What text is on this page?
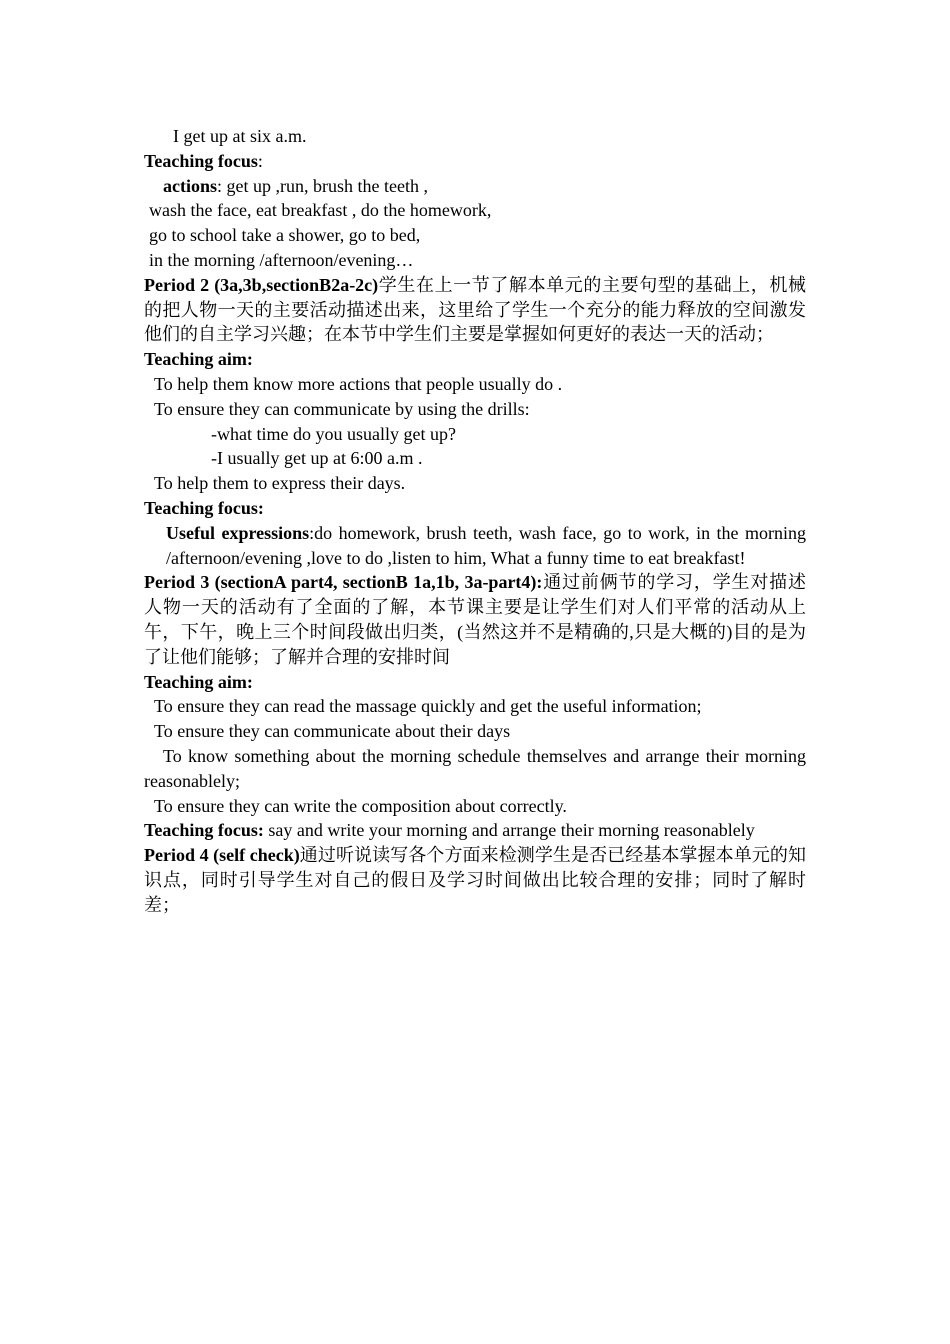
I get up at six a.m.
Teaching focus:
actions: get up ,run, brush the teeth ,
wash the face, eat breakfast , do the homework,
go to school take a shower, go to bed,
in the morning /afternoon/evening…
Period 2 (3a,3b,sectionB2a-2c)学生在上一节了解本单元的主要句型的基础上，机械的把人物一天的主要活动描述出来，这里给了学生一个充分的能力释放的空间激发他们的自主学习兴趣；在本节中学生们主要是掌握如何更好的表达一天的活动；
Teaching aim:
To help them know more actions that people usually do .
To ensure they can communicate by using the drills:
-what time do you usually get up?
-I usually get up at 6:00 a.m .
To help them to express their days.
Teaching focus:
Useful expressions:do homework, brush teeth, wash face, go to work, in the morning /afternoon/evening ,love to do ,listen to him, What a funny time to eat breakfast!
Period 3 (sectionA part4, sectionB 1a,1b, 3a-part4):通过前俩节的学习，学生对描述人物一天的活动有了全面的了解，本节课主要是让学生们对人们平常的活动从上午，下午，晚上三个时间段做出归类，(当然这并不是精确的,只是大概的)目的是为了让他们能够；了解并合理的安排时间
Teaching aim:
To ensure they can read the massage quickly and get the useful information;
To ensure they can communicate about their days
To know something about the morning schedule themselves and arrange their morning reasonablely;
To ensure they can write the composition about correctly.
Teaching focus: say and write your morning and arrange their morning reasonablely
Period 4 (self check)通过听说读写各个方面来检测学生是否已经基本掌握本单元的知识点，同时引导学生对自己的假日及学习时间做出比较合理的安排；同时了解时差；
